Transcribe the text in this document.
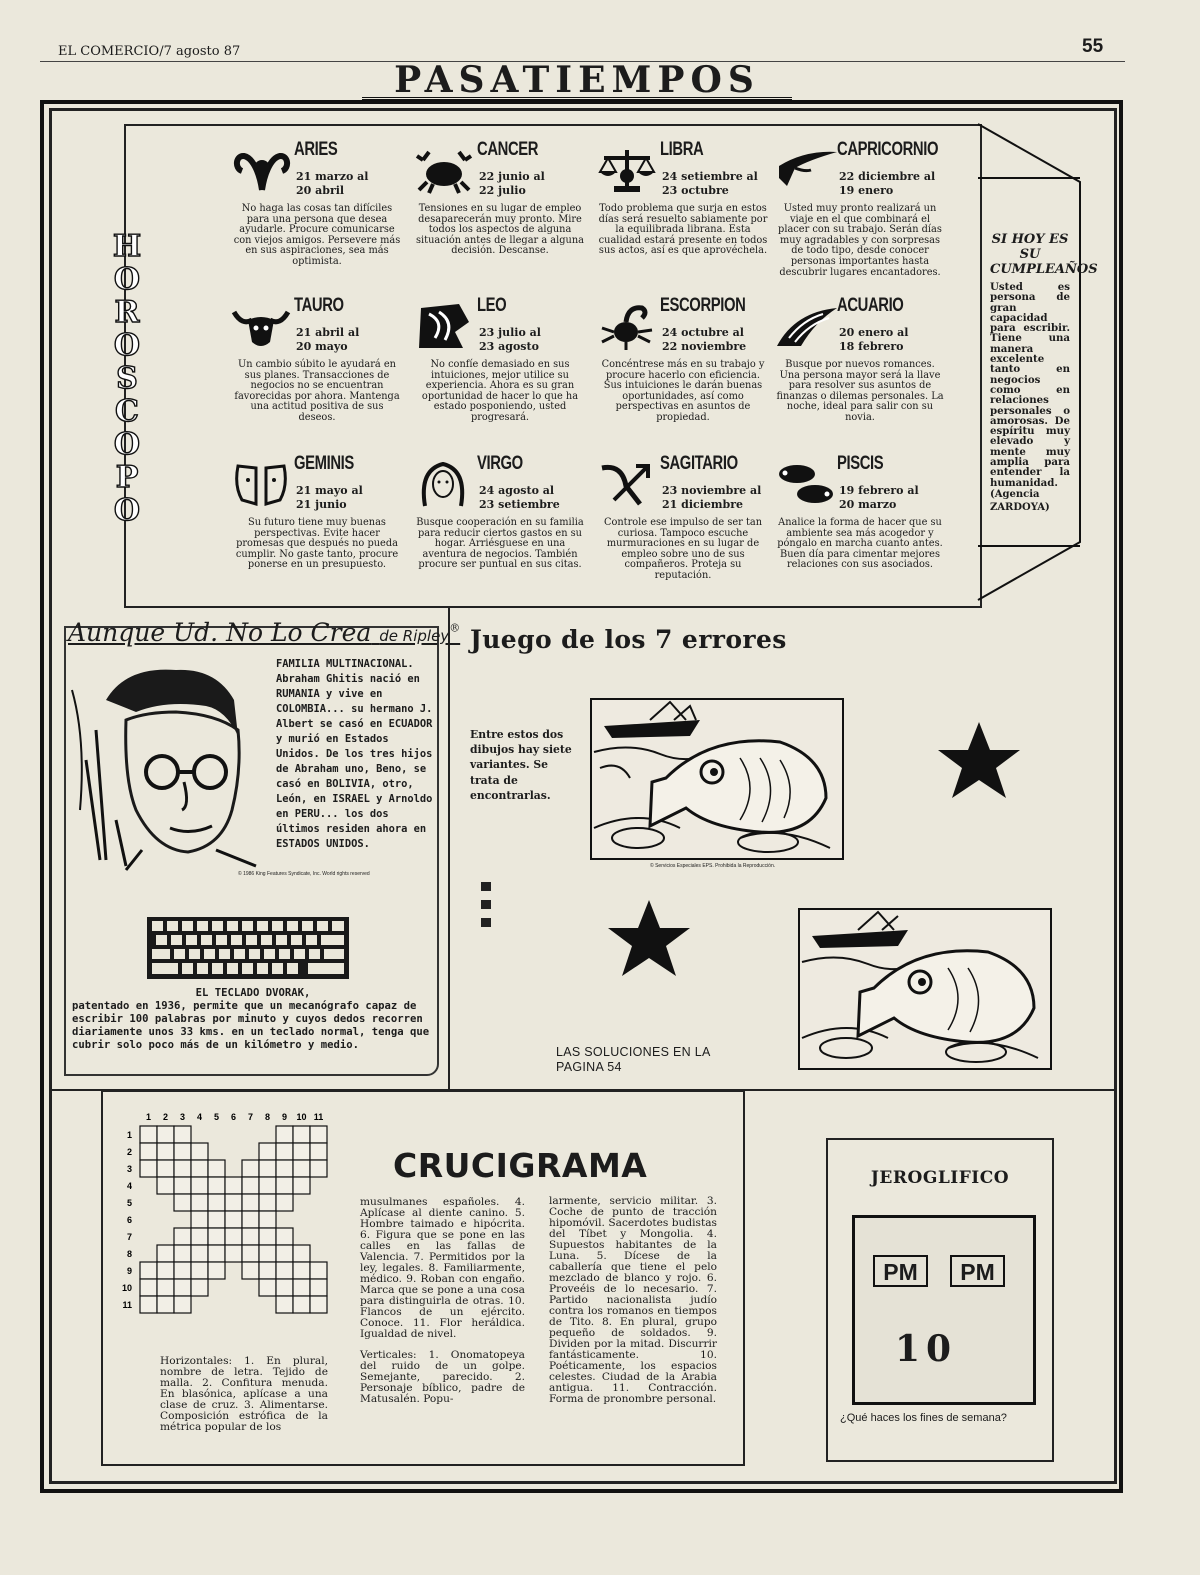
EL COMERCIO/7 agosto 87	55
PASATIEMPOS
H
O
R
O
S
C
O
P
O
ARIES
21 marzo al
20 abril
No haga las cosas tan difíciles para una persona que desea ayudarle. Procure comunicarse con viejos amigos. Persevere más en sus aspiraciones, sea más optimista.
CANCER
22 junio al
22 julio
Tensiones en su lugar de empleo desaparecerán muy pronto. Mire todos los aspectos de alguna situación antes de llegar a alguna decisión. Descanse.
LIBRA
24 setiembre al
23 octubre
Todo problema que surja en estos días será resuelto sabiamente por la equilibrada librana. Esta cualidad estará presente en todos sus actos, así es que aprovéchela.
CAPRICORNIO
22 diciembre al
19 enero
Usted muy pronto realizará un viaje en el que combinará el placer con su trabajo. Serán días muy agradables y con sorpresas de todo tipo, desde conocer personas importantes hasta descubrir lugares encantadores.
TAURO
21 abril al
20 mayo
Un cambio súbito le ayudará en sus planes. Transacciones de negocios no se encuentran favorecidas por ahora. Mantenga una actitud positiva de sus deseos.
LEO
23 julio al
23 agosto
No confíe demasiado en sus intuiciones, mejor utilice su experiencia. Ahora es su gran oportunidad de hacer lo que ha estado posponiendo, usted progresará.
ESCORPION
24 octubre al
22 noviembre
Concéntrese más en su trabajo y procure hacerlo con eficiencia. Sus intuiciones le darán buenas oportunidades, así como perspectivas en asuntos de propiedad.
ACUARIO
20 enero al
18 febrero
Busque por nuevos romances. Una persona mayor será la llave para resolver sus asuntos de finanzas o dilemas personales. La noche, ideal para salir con su novia.
GEMINIS
21 mayo al
21 junio
Su futuro tiene muy buenas perspectivas. Evite hacer promesas que después no pueda cumplir. No gaste tanto, procure ponerse en un presupuesto.
VIRGO
24 agosto al
23 setiembre
Busque cooperación en su familia para reducir ciertos gastos en su hogar. Arriésguese en una aventura de negocios. También procure ser puntual en sus citas.
SAGITARIO
23 noviembre al
21 diciembre
Controle ese impulso de ser tan curiosa. Tampoco escuche murmuraciones en su lugar de empleo sobre uno de sus compañeros. Proteja su reputación.
PISCIS
19 febrero al
20 marzo
Analice la forma de hacer que su ambiente sea más acogedor y póngalo en marcha cuanto antes. Buen día para cimentar mejores relaciones con sus asociados.
SI HOY ES SU CUMPLEAÑOS
Usted es persona de gran capacidad para escribir. Tiene una manera excelente tanto en negocios como en relaciones personales o amorosas. De espíritu muy elevado y mente muy amplia para entender la humanidad.
(Agencia ZARDOYA)
Aunque Ud. No Lo Crea de Ripley®
FAMILIA MULTINACIONAL. Abraham Ghitis nació en RUMANIA y vive en COLOMBIA... su hermano J. Albert se casó en ECUADOR y murió en Estados Unidos. De los tres hijos de Abraham uno, Beno, se casó en BOLIVIA, otro, León, en ISRAEL y Arnoldo en PERU... los dos últimos residen ahora en ESTADOS UNIDOS.
© 1986 King Features Syndicate, Inc. World rights reserved
EL TECLADO DVORAK,
patentado en 1936, permite que un mecanógrafo capaz de escribir 100 palabras por minuto y cuyos dedos recorren diariamente unos 33 kms. en un teclado normal, tenga que cubrir solo poco más de un kilómetro y medio.
Juego de los 7 errores
Entre estos dos dibujos hay siete variantes. Se trata de encontrarlas.
© Servicios Especiales EPS. Prohibida la Reproducción.
LAS SOLUCIONES EN LA PAGINA 54
1 2 3 4 5 6 7 8 9 10 11
1
2
3
4
5
6
7
8
9
10
11
CRUCIGRAMA
Horizontales: 1. En plural, nombre de letra. Tejido de malla. 2. Confitura menuda. En blasónica, aplícase a una clase de cruz. 3. Alimentarse. Composición estrófica de la métrica popular de los
musulmanes españoles. 4. Aplícase al diente canino. 5. Hombre taimado e hipócrita. 6. Figura que se pone en las calles en las fallas de Valencia. 7. Permitidos por la ley, legales. 8. Familiarmente, médico. 9. Roban con engaño. Marca que se pone a una cosa para distinguirla de otras. 10. Flancos de un ejército. Conoce. 11. Flor heráldica. Igualdad de nivel.
Verticales: 1. Onomatopeya del ruido de un golpe. Semejante, parecido. 2. Personaje bíblico, padre de Matusalén. Popu-
larmente, servicio militar. 3. Coche de punto de tracción hipomóvil. Sacerdotes budistas del Tíbet y Mongolia. 4. Supuestos habitantes de la Luna. 5. Dícese de la caballería que tiene el pelo mezclado de blanco y rojo. 6. Proveéis de lo necesario. 7. Partido nacionalista judío contra los romanos en tiempos de Tito. 8. En plural, grupo pequeño de soldados. 9. Dividen por la mitad. Discurrir fantásticamente. 10. Poéticamente, los espacios celestes. Ciudad de la Arabia antigua. 11. Contracción. Forma de pronombre personal.
JEROGLIFICO
PM	PM
10
¿Qué haces los fines de semana?
